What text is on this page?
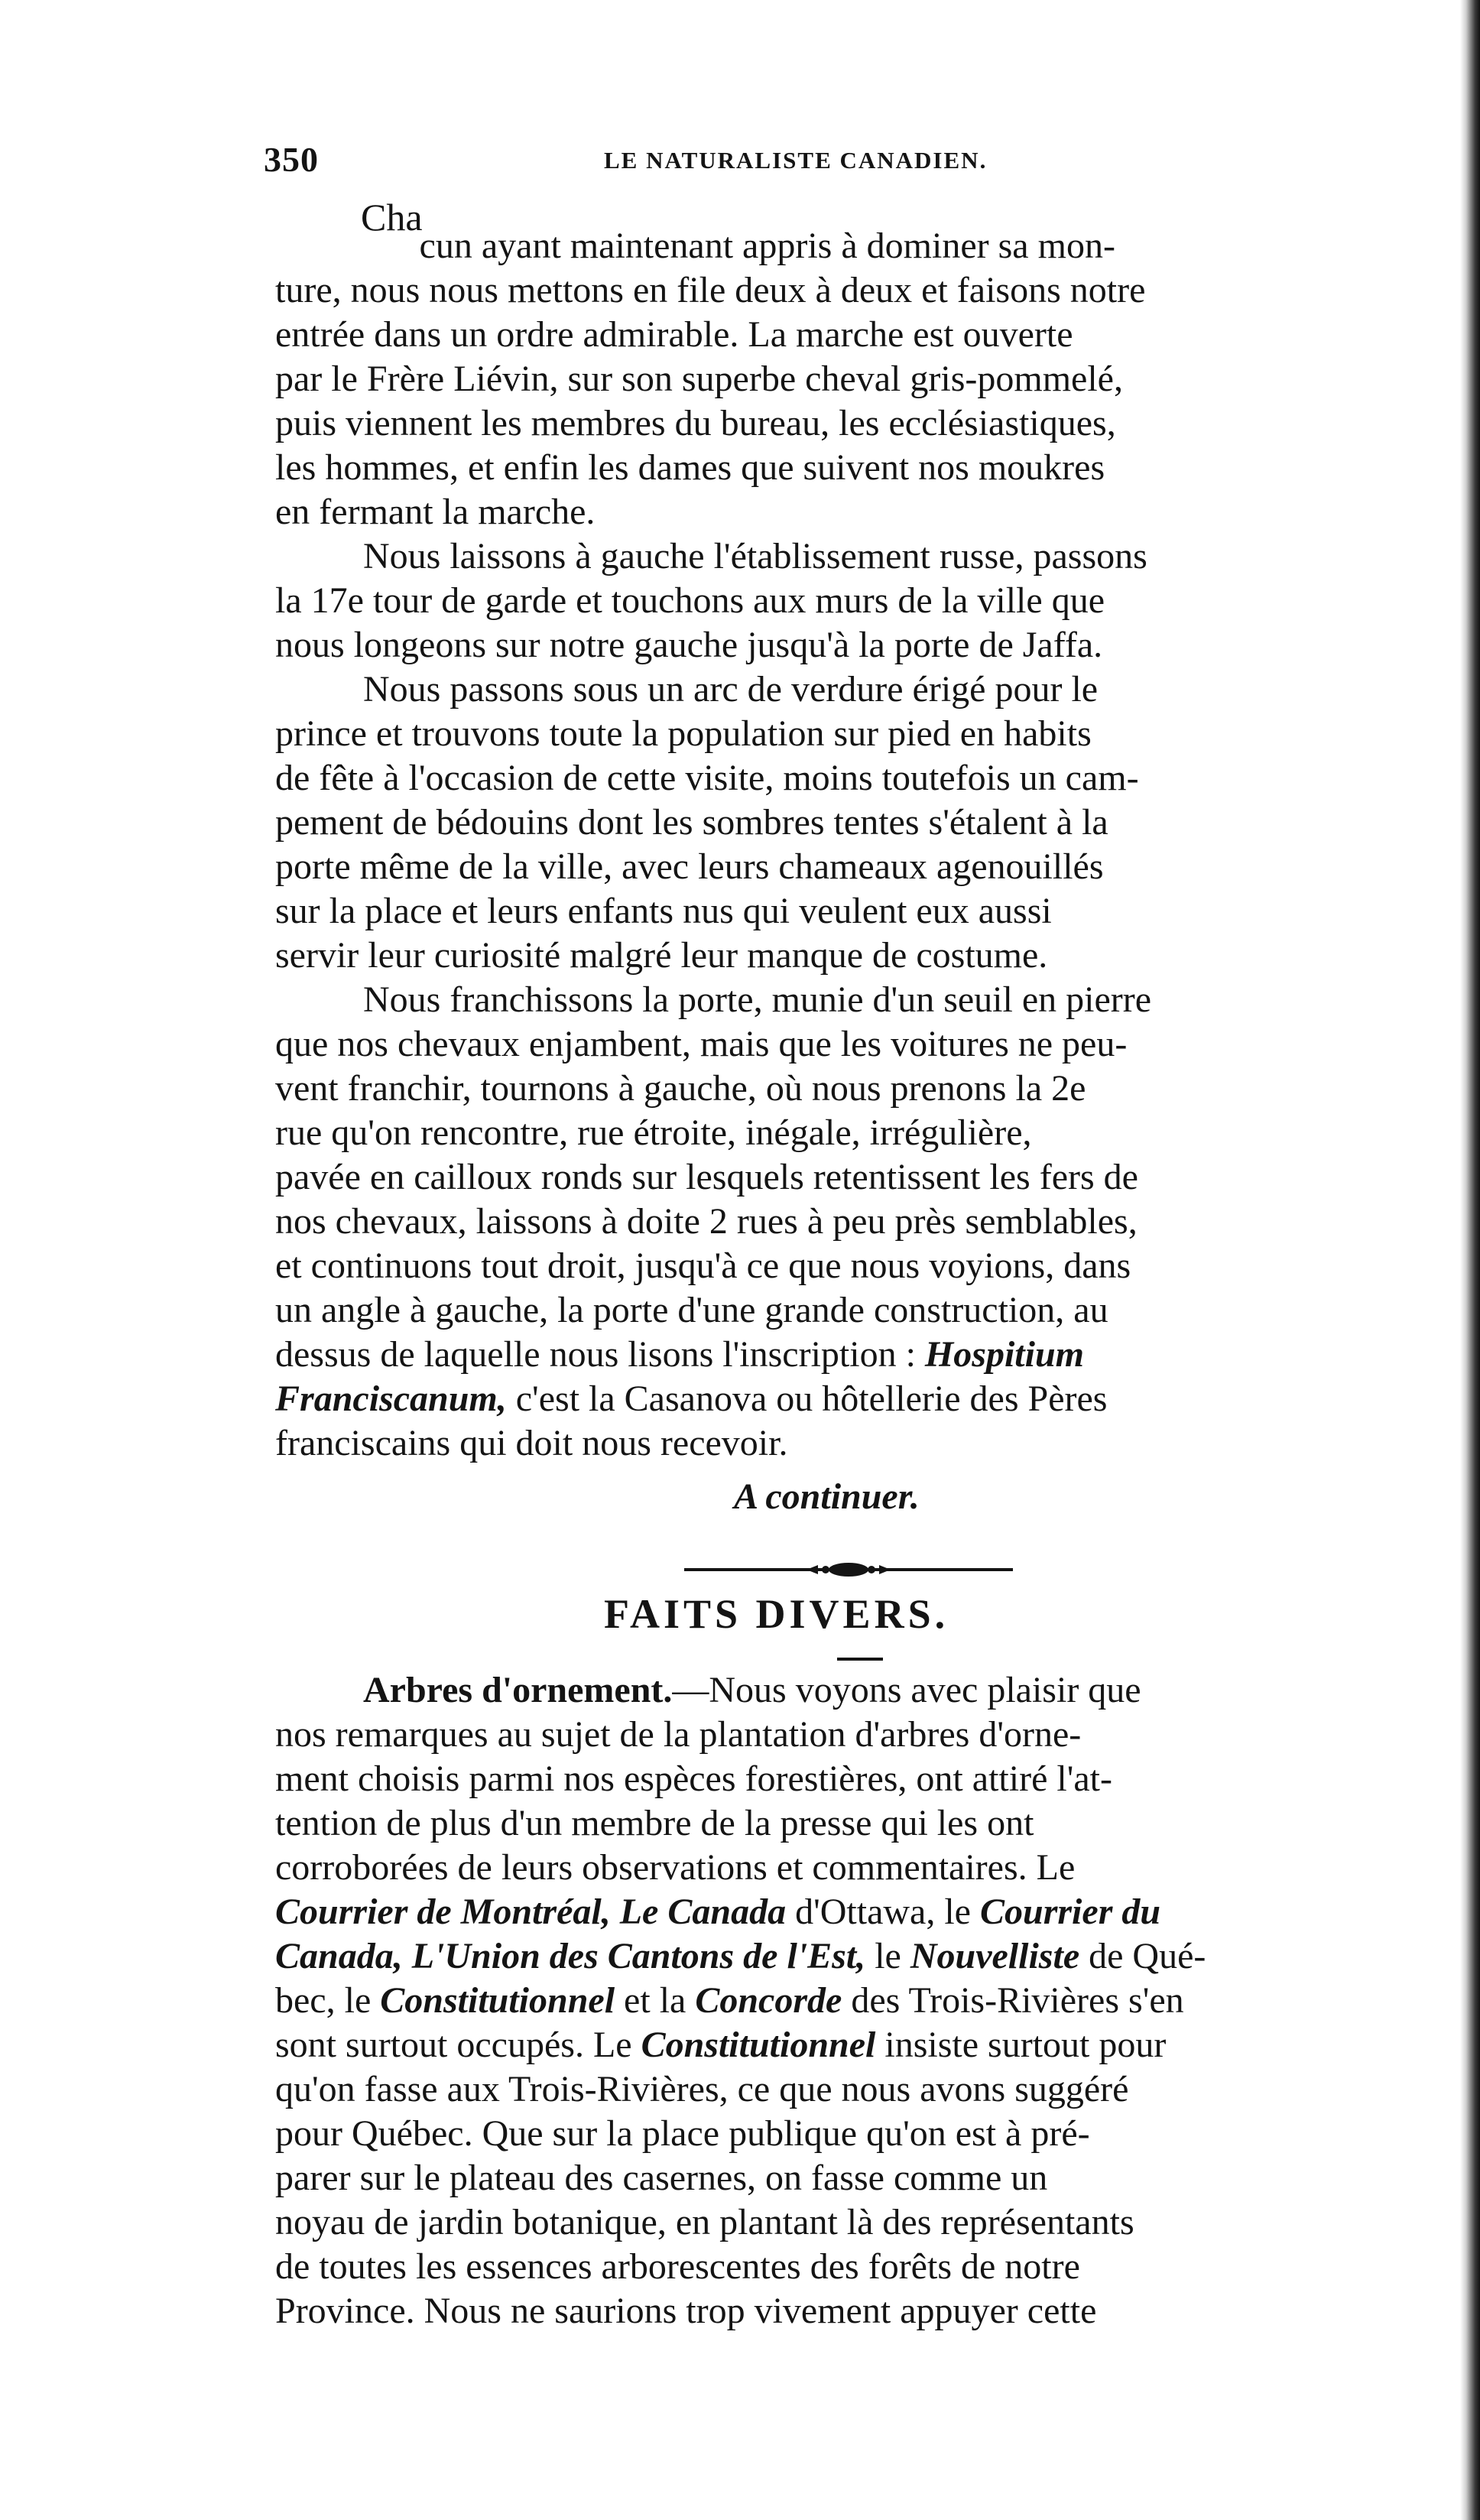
350	LE NATURALISTE CANADIEN.

Chacun ayant maintenant appris à dominer sa mon-
ture, nous nous mettons en file deux à deux et faisons notre
entrée dans un ordre admirable. La marche est ouverte
par le Frère Liévin, sur son superbe cheval gris-pommelé,
puis viennent les membres du bureau, les ecclésiastiques,
les hommes, et enfin les dames que suivent nos moukres
en fermant la marche.

Nous laissons à gauche l'établissement russe, passons
la 17e tour de garde et touchons aux murs de la ville que
nous longeons sur notre gauche jusqu'à la porte de Jaffa.

Nous passons sous un arc de verdure érigé pour le
prince et trouvons toute la population sur pied en habits
de fête à l'occasion de cette visite, moins toutefois un cam-
pement de bédouins dont les sombres tentes s'étalent à la
porte même de la ville, avec leurs chameaux agenouillés
sur la place et leurs enfants nus qui veulent eux aussi
servir leur curiosité malgré leur manque de costume.

Nous franchissons la porte, munie d'un seuil en pierre
que nos chevaux enjambent, mais que les voitures ne peu-
vent franchir, tournons à gauche, où nous prenons la 2e
rue qu'on rencontre, rue étroite, inégale, irrégulière,
pavée en cailloux ronds sur lesquels retentissent les fers de
nos chevaux, laissons à doite 2 rues à peu près semblables,
et continuons tout droit, jusqu'à ce que nous voyions, dans
un angle à gauche, la porte d'une grande construction, au
dessus de laquelle nous lisons l'inscription : Hospitium
Franciscanum, c'est la Casanova ou hôtellerie des Pères
franciscains qui doit nous recevoir.

A continuer.
FAITS DIVERS.

Arbres d'ornement.—Nous voyons avec plaisir que
nos remarques au sujet de la plantation d'arbres d'orne-
ment choisis parmi nos espèces forestières, ont attiré l'at-
tention de plus d'un membre de la presse qui les ont
corroborées de leurs observations et commentaires. Le
Courrier de Montréal, Le Canada d'Ottawa, le Courrier du
Canada, L'Union des Cantons de l'Est, le Nouvelliste de Qué-
bec, le Constitutionnel et la Concorde des Trois-Rivières s'en
sont surtout occupés. Le Constitutionnel insiste surtout pour
qu'on fasse aux Trois-Rivières, ce que nous avons suggéré
pour Québec. Que sur la place publique qu'on est à pré-
parer sur le plateau des casernes, on fasse comme un
noyau de jardin botanique, en plantant là des représentants
de toutes les essences arborescentes des forêts de notre
Province. Nous ne saurions trop vivement appuyer cette
